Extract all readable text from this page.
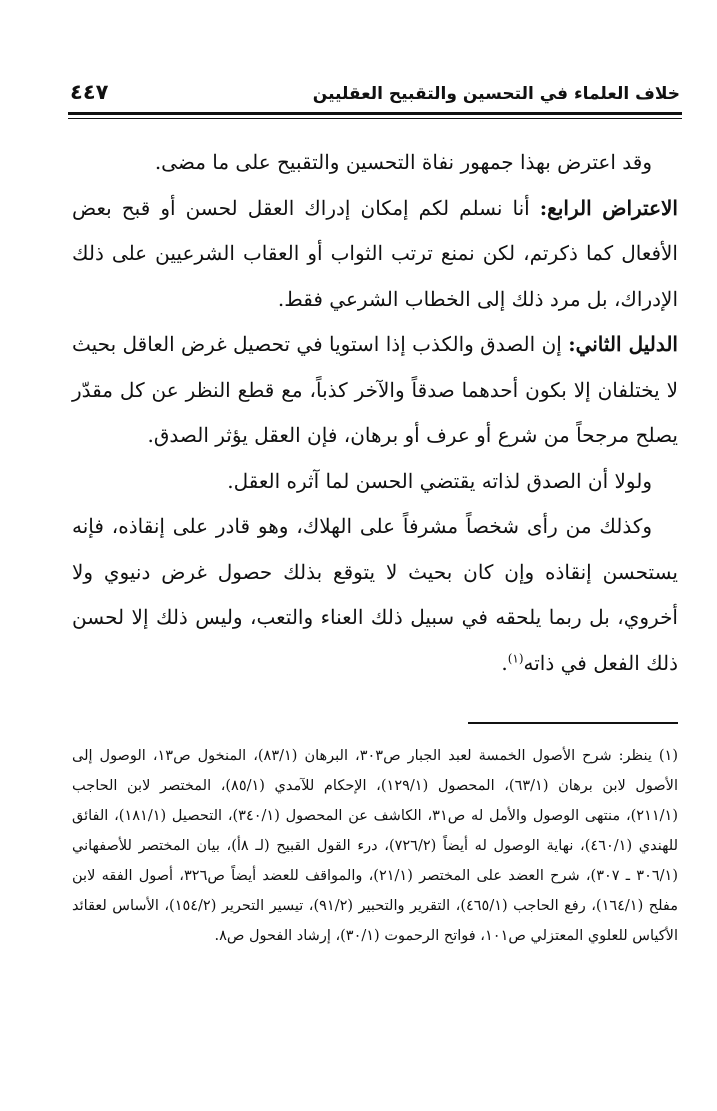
٤٤٧	خلاف العلماء في التحسين والتقبيح العقليين

وقد اعترض بهذا جمهور نفاة التحسين والتقبيح على ما مضى.

الاعتراض الرابع: أنا نسلم لكم إمكان إدراك العقل لحسن أو قبح بعض الأفعال كما ذكرتم، لكن نمنع ترتب الثواب أو العقاب الشرعيين على ذلك الإدراك، بل مرد ذلك إلى الخطاب الشرعي فقط.

الدليل الثاني: إن الصدق والكذب إذا استويا في تحصيل غرض العاقل بحيث لا يختلفان إلا بكون أحدهما صدقاً والآخر كذباً، مع قطع النظر عن كل مقدّر يصلح مرجحاً من شرع أو عرف أو برهان، فإن العقل يؤثر الصدق.

ولولا أن الصدق لذاته يقتضي الحسن لما آثره العقل.

وكذلك من رأى شخصاً مشرفاً على الهلاك، وهو قادر على إنقاذه، فإنه يستحسن إنقاذه وإن كان بحيث لا يتوقع بذلك حصول غرض دنيوي ولا أخروي، بل ربما يلحقه في سبيل ذلك العناء والتعب، وليس ذلك إلا لحسن ذلك الفعل في ذاته$^{(١)}$.

(١) ينظر: شرح الأصول الخمسة لعبد الجبار ص٣٠٣، البرهان (٨٣/١)، المنخول ص١٣، الوصول إلى الأصول لابن برهان (٦٣/١)، المحصول (١٢٩/١)، الإحكام للآمدي (٨٥/١)، المختصر لابن الحاجب (٢١١/١)، منتهى الوصول والأمل له ص٣١، الكاشف عن المحصول (٣٤٠/١)، التحصيل (١٨١/١)، الفائق للهندي (٤٦٠/١)، نهاية الوصول له أيضاً (٧٢٦/٢)، درء القول القبيح (لـ ٨أ)، بيان المختصر للأصفهاني (٣٠٦/١ ـ ٣٠٧)، شرح العضد على المختصر (٢١/١)، والمواقف للعضد أيضاً ص٣٢٦، أصول الفقه لابن مفلح (١٦٤/١)، رفع الحاجب (٤٦٥/١)، التقرير والتحبير (٩١/٢)، تيسير التحرير (١٥٤/٢)، الأساس لعقائد الأكياس للعلوي المعتزلي ص١٠١، فواتح الرحموت (٣٠/١)، إرشاد الفحول ص٨.
